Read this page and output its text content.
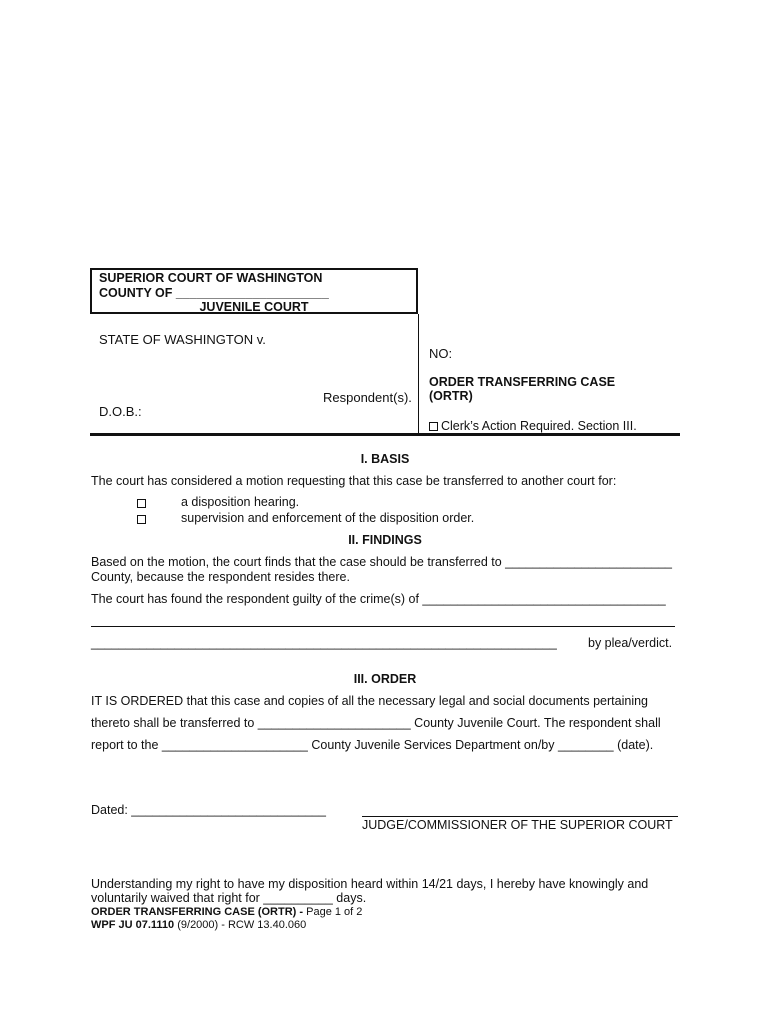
SUPERIOR COURT OF WASHINGTON
COUNTY OF ______________________
JUVENILE COURT
STATE OF WASHINGTON v.
Respondent(s).
D.O.B.:
NO:
ORDER TRANSFERRING CASE
(ORTR)
Clerk’s Action Required. Section III.
I. BASIS
The court has considered a motion requesting that this case be transferred to another court for:
a disposition hearing.
supervision and enforcement of the disposition order.
II. FINDINGS
Based on the motion, the court finds that the case should be transferred to ________________________
County, because the respondent resides there.
The court has found the respondent guilty of the crime(s) of ___________________________________
___________________________________________________________________ by plea/verdict.
III. ORDER
IT IS ORDERED that this case and copies of all the necessary legal and social documents pertaining
thereto shall be transferred to ______________________ County Juvenile Court. The respondent shall
report to the _____________________ County Juvenile Services Department on/by ________ (date).
Dated: ____________________________
JUDGE/COMMISSIONER OF THE SUPERIOR COURT
Understanding my right to have my disposition heard within 14/21 days, I hereby have knowingly and
voluntarily waived that right for __________ days.
ORDER TRANSFERRING CASE (ORTR) - Page 1 of 2
WPF JU 07.1110 (9/2000) - RCW 13.40.060
